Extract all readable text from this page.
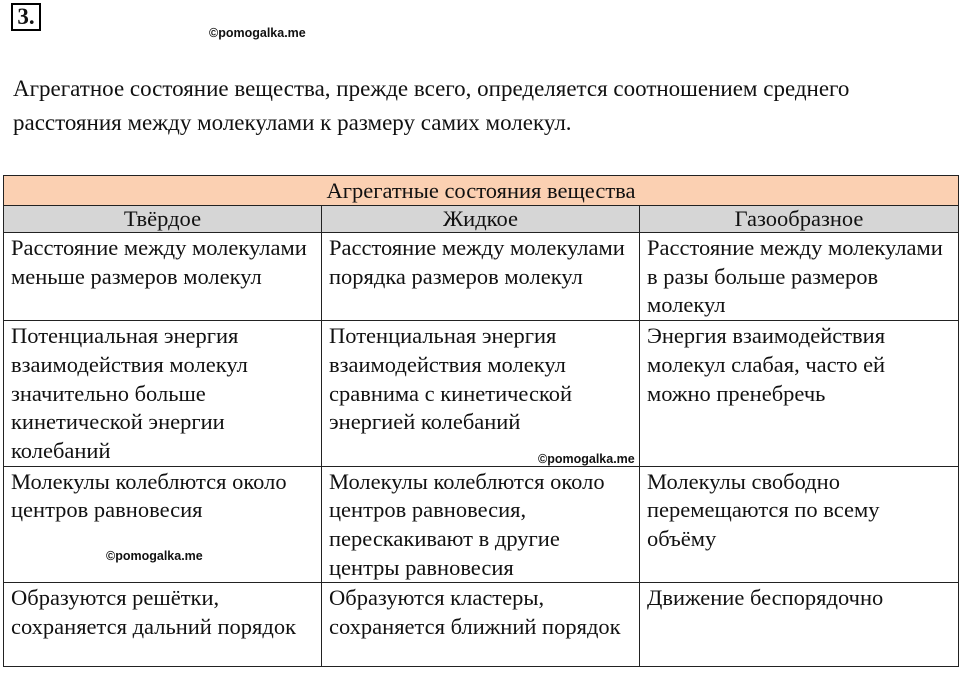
3.
©pomogalka.me

Агрегатное состояние вещества, прежде всего, определяется соотношением среднего расстояния между молекулами к размеру самих молекул.

Агрегатные состояния вещества		
Твёрдое	Жидкое	Газообразное
Расстояние между молекулами меньше размеров молекул	Расстояние между молекулами порядка размеров молекул	Расстояние между молекулами в разы больше размеров молекул
Потенциальная энергия взаимодействия молекул значительно больше кинетической энергии колебаний	Потенциальная энергия взаимодействия молекул сравнима с кинетической энергией колебаний	Энергия взаимодействия молекул слабая, часто ей можно пренебречь
Молекулы колеблются около центров равновесия	Молекулы колеблются около центров равновесия, перескакивают в другие центры равновесия	Молекулы свободно перемещаются по всему объёму
Образуются решётки, сохраняется дальний порядок	Образуются кластеры, сохраняется ближний порядок	Движение беспорядочно
©pomogalka.me
©pomogalka.me
